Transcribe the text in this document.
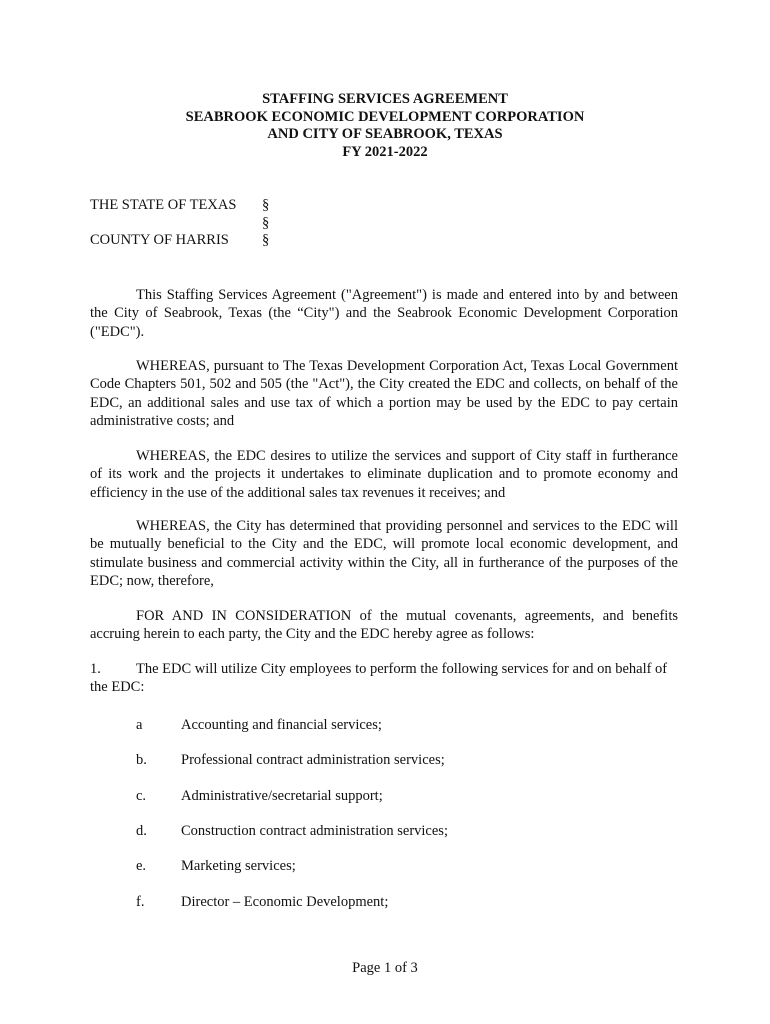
STAFFING SERVICES AGREEMENT
SEABROOK ECONOMIC DEVELOPMENT CORPORATION
AND CITY OF SEABROOK, TEXAS
FY 2021-2022
THE STATE OF TEXAS	§
§
COUNTY OF HARRIS	§

This Staffing Services Agreement ("Agreement") is made and entered into by and between the City of Seabrook, Texas (the “City") and the Seabrook Economic Development Corporation ("EDC").

WHEREAS, pursuant to The Texas Development Corporation Act, Texas Local Government Code Chapters 501, 502 and 505 (the "Act"), the City created the EDC and collects, on behalf of the EDC, an additional sales and use tax of which a portion may be used by the EDC to pay certain administrative costs; and

WHEREAS, the EDC desires to utilize the services and support of City staff in furtherance of its work and the projects it undertakes to eliminate duplication and to promote economy and efficiency in the use of the additional sales tax revenues it receives; and

WHEREAS, the City has determined that providing personnel and services to the EDC will be mutually beneficial to the City and the EDC, will promote local economic development, and stimulate business and commercial activity within the City, all in furtherance of the purposes of the EDC; now, therefore,

FOR AND IN CONSIDERATION of the mutual covenants, agreements, and benefits accruing herein to each party, the City and the EDC hereby agree as follows:

1. The EDC will utilize City employees to perform the following services for and on behalf of the EDC:

a	Accounting and financial services;
b.	Professional contract administration services;
c.	Administrative/secretarial support;
d.	Construction contract administration services;
e.	Marketing services;
f.	Director – Economic Development;
Page 1 of 3
